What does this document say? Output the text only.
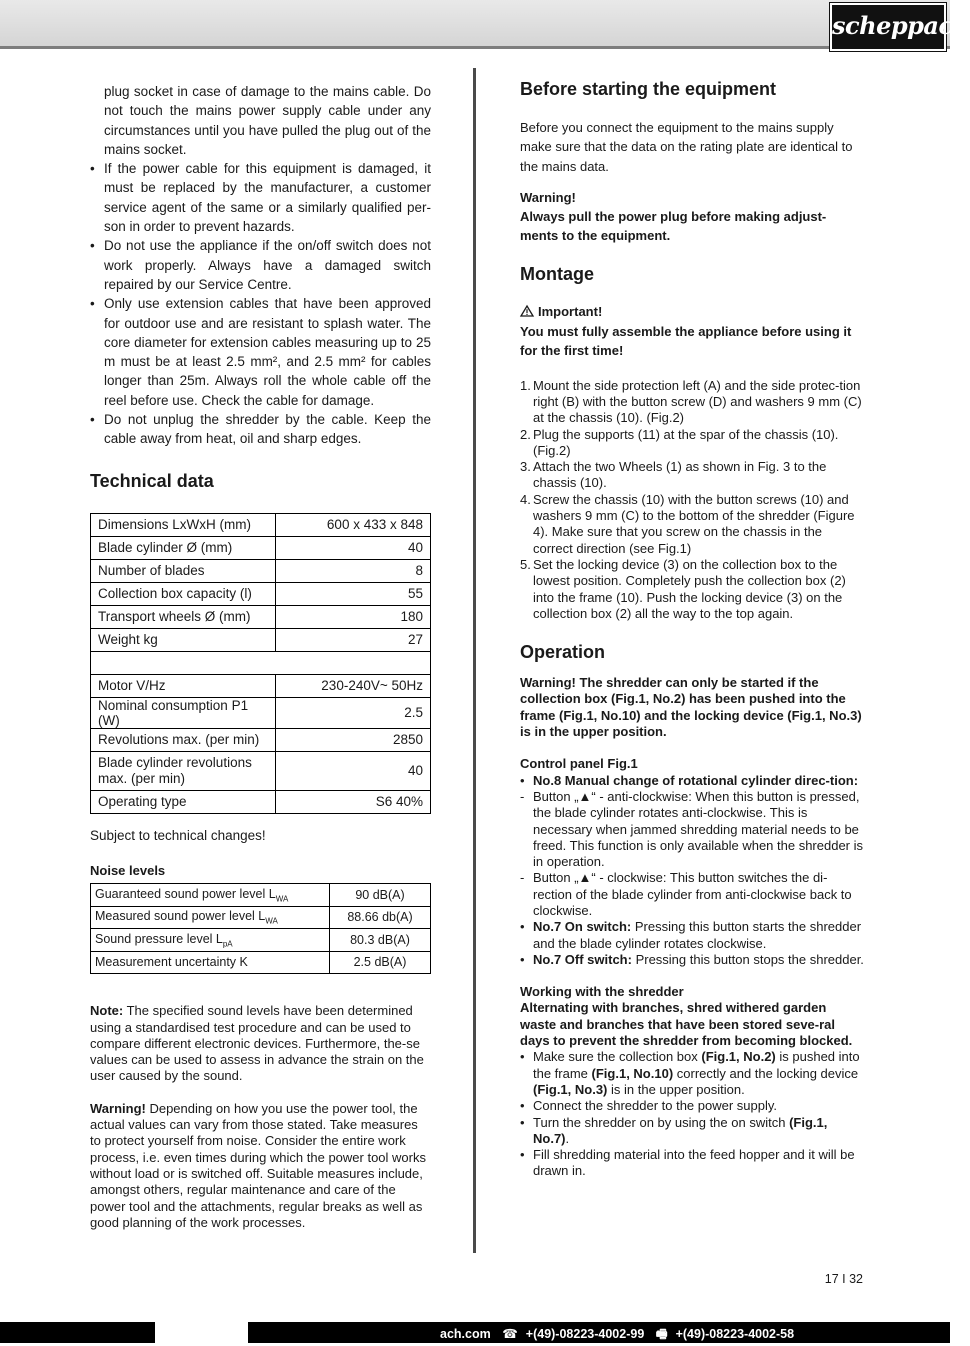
scheppach
plug socket in case of damage to the mains cable. Do not touch the mains power supply cable under any circumstances until you have pulled the plug out of the mains socket.
• If the power cable for this equipment is damaged, it must be replaced by the manufacturer, a customer service agent of the same or a similarly qualified per-son in order to prevent hazards.
• Do not use the appliance if the on/off switch does not work properly. Always have a damaged switch repaired by our Service Centre.
• Only use extension cables that have been approved for outdoor use and are resistant to splash water. The core diameter for extension cables measuring up to 25 m must be at least 2.5 mm², and 2.5 mm² for cables longer than 25m. Always roll the whole cable off the reel before use. Check the cable for damage.
• Do not unplug the shredder by the cable. Keep the cable away from heat, oil and sharp edges.
Technical data
Dimensions LxWxH (mm)	600 x 433 x 848
Blade cylinder Ø (mm)	40
Number of blades	8
Collection box capacity (l)	55
Transport wheels Ø (mm)	180
Weight kg	27

Motor V/Hz	230-240V~ 50Hz
Nominal consumption P1 (W)	2.5
Revolutions max. (per min)	2850
Blade cylinder revolutions max. (per min)	40
Operating type	S6 40%

Subject to technical changes!

Noise levels

Guaranteed sound power level $L_{WA}$	90 dB(A)
Measured sound power level $L_{WA}$	88.66 db(A)
Sound pressure level $L_{pA}$	80.3 dB(A)
Measurement uncertainty K	2.5 dB(A)

Note: The specified sound levels have been determined using a standardised test procedure and can be used to compare different electronic devices. Furthermore, the-se values can be used to assess in advance the strain on the user caused by the sound.

Warning! Depending on how you use the power tool, the actual values can vary from those stated. Take measures to protect yourself from noise. Consider the entire work process, i.e. even times during which the power tool works without load or is switched off. Suitable measures include, amongst others, regular maintenance and care of the power tool and the attachments, regular breaks as well as good planning of the work processes.

Before starting the equipment

Before you connect the equipment to the mains supply make sure that the data on the rating plate are identical to the mains data.

Warning!

Always pull the power plug before making adjust-ments to the equipment.

Montage

Important!

You must fully assemble the appliance before using it for the first time!

1. Mount the side protection left (A) and the side protec-tion right (B) with the button screw (D) and washers 9 mm (C) at the chassis (10). (Fig.2)
2. Plug the supports (11) at the spar of the chassis (10). (Fig.2)
3. Attach the two Wheels (1) as shown in Fig. 3 to the chassis (10).
4. Screw the chassis (10) with the button screws (10) and washers 9 mm (C) to the bottom of the shredder (Figure 4). Make sure that you screw on the chassis in the correct direction (see Fig.1)
5. Set the locking device (3) on the collection box to the lowest position. Completely push the collection box (2) into the frame (10). Push the locking device (3) on the collection box (2) all the way to the top again.
Operation

Warning! The shredder can only be started if the collection box (Fig.1, No.2) has been pushed into the frame (Fig.1, No.10) and the locking device (Fig.1, No.3) is in the upper position.

Control panel Fig.1

• No.8 Manual change of rotational cylinder direc-tion:
- Button „▲“ - anti-clockwise: When this button is pressed, the blade cylinder rotates anti-clockwise. This is necessary when jammed shredding material needs to be freed. This function is only available when the shredder is in operation.
- Button „▲“ - clockwise: This button switches the di-rection of the blade cylinder from anti-clockwise back to clockwise.
• No.7 On switch: Pressing this button starts the shredder and the blade cylinder rotates clockwise.
• No.7 Off switch: Pressing this button stops the shredder.

Working with the shredder

Alternating with branches, shred withered garden waste and branches that have been stored seve-ral days to prevent the shredder from becoming blocked.

• Make sure the collection box (Fig.1, No.2) is pushed into the frame (Fig.1, No.10) correctly and the locking device (Fig.1, No.3) is in the upper position.
• Connect the shredder to the power supply.
• Turn the shredder on by using the on switch (Fig.1, No.7).
• Fill shredding material into the feed hopper and it will be drawn in.
17 I 32
ach.com ☎ +(49)-08223-4002-99 🖷 +(49)-08223-4002-58
